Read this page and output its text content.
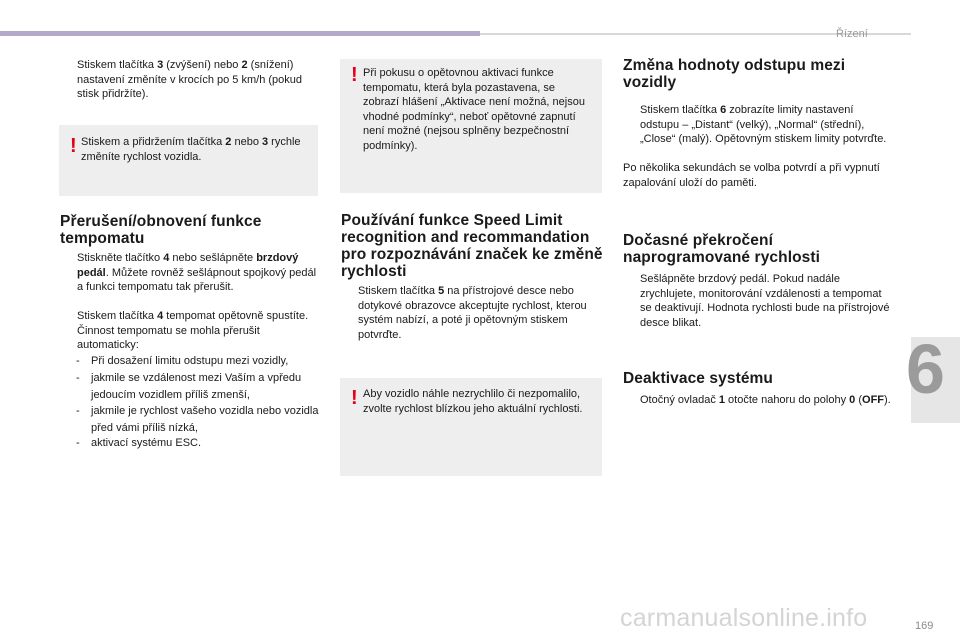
Řízení
6
169
carmanualsonline.info
Stiskem tlačítka 3 (zvýšení) nebo 2 (snížení) nastavení změníte v krocích po 5 km/h (pokud stisk přidržíte).
! Stiskem a přidržením tlačítka 2 nebo 3 rychle změníte rychlost vozidla.
Přerušení/obnovení funkce tempomatu
Stiskněte tlačítko 4 nebo sešlápněte brzdový pedál. Můžete rovněž sešlápnout spojkový pedál a funkci tempomatu tak přerušit.
Stiskem tlačítka 4 tempomat opětovně spustíte. Činnost tempomatu se mohla přerušit automaticky:
-	Při dosažení limitu odstupu mezi vozidly,
-	jakmile se vzdálenost mezi Vaším a vpředu jedoucím vozidlem příliš zmenší,
-	jakmile je rychlost vašeho vozidla nebo vozidla před vámi příliš nízká,
-	aktivací systému ESC.
! Při pokusu o opětovnou aktivaci funkce tempomatu, která byla pozastavena, se zobrazí hlášení „Aktivace není možná, nejsou vhodné podmínky“, neboť opětovné zapnutí není možné (nejsou splněny bezpečnostní podmínky).
Používání funkce Speed Limit recognition and recommandation pro rozpoznávání značek ke změně rychlosti
Stiskem tlačítka 5 na přístrojové desce nebo dotykové obrazovce akceptujte rychlost, kterou systém nabízí, a poté ji opětovným stiskem potvrďte.
! Aby vozidlo náhle nezrychlilo či nezpomalilo, zvolte rychlost blízkou jeho aktuální rychlosti.
Změna hodnoty odstupu mezi vozidly
Stiskem tlačítka 6 zobrazíte limity nastavení odstupu – „Distant“ (velký), „Normal“ (střední), „Close“ (malý). Opětovným stiskem limity potvrďte.
Po několika sekundách se volba potvrdí a při vypnutí zapalování uloží do paměti.
Dočasné překročení naprogramované rychlosti
Sešlápněte brzdový pedál. Pokud nadále zrychlujete, monitorování vzdálenosti a tempomat se deaktivují. Hodnota rychlosti bude na přístrojové desce blikat.
Deaktivace systému
Otočný ovladač 1 otočte nahoru do polohy 0 (OFF).
